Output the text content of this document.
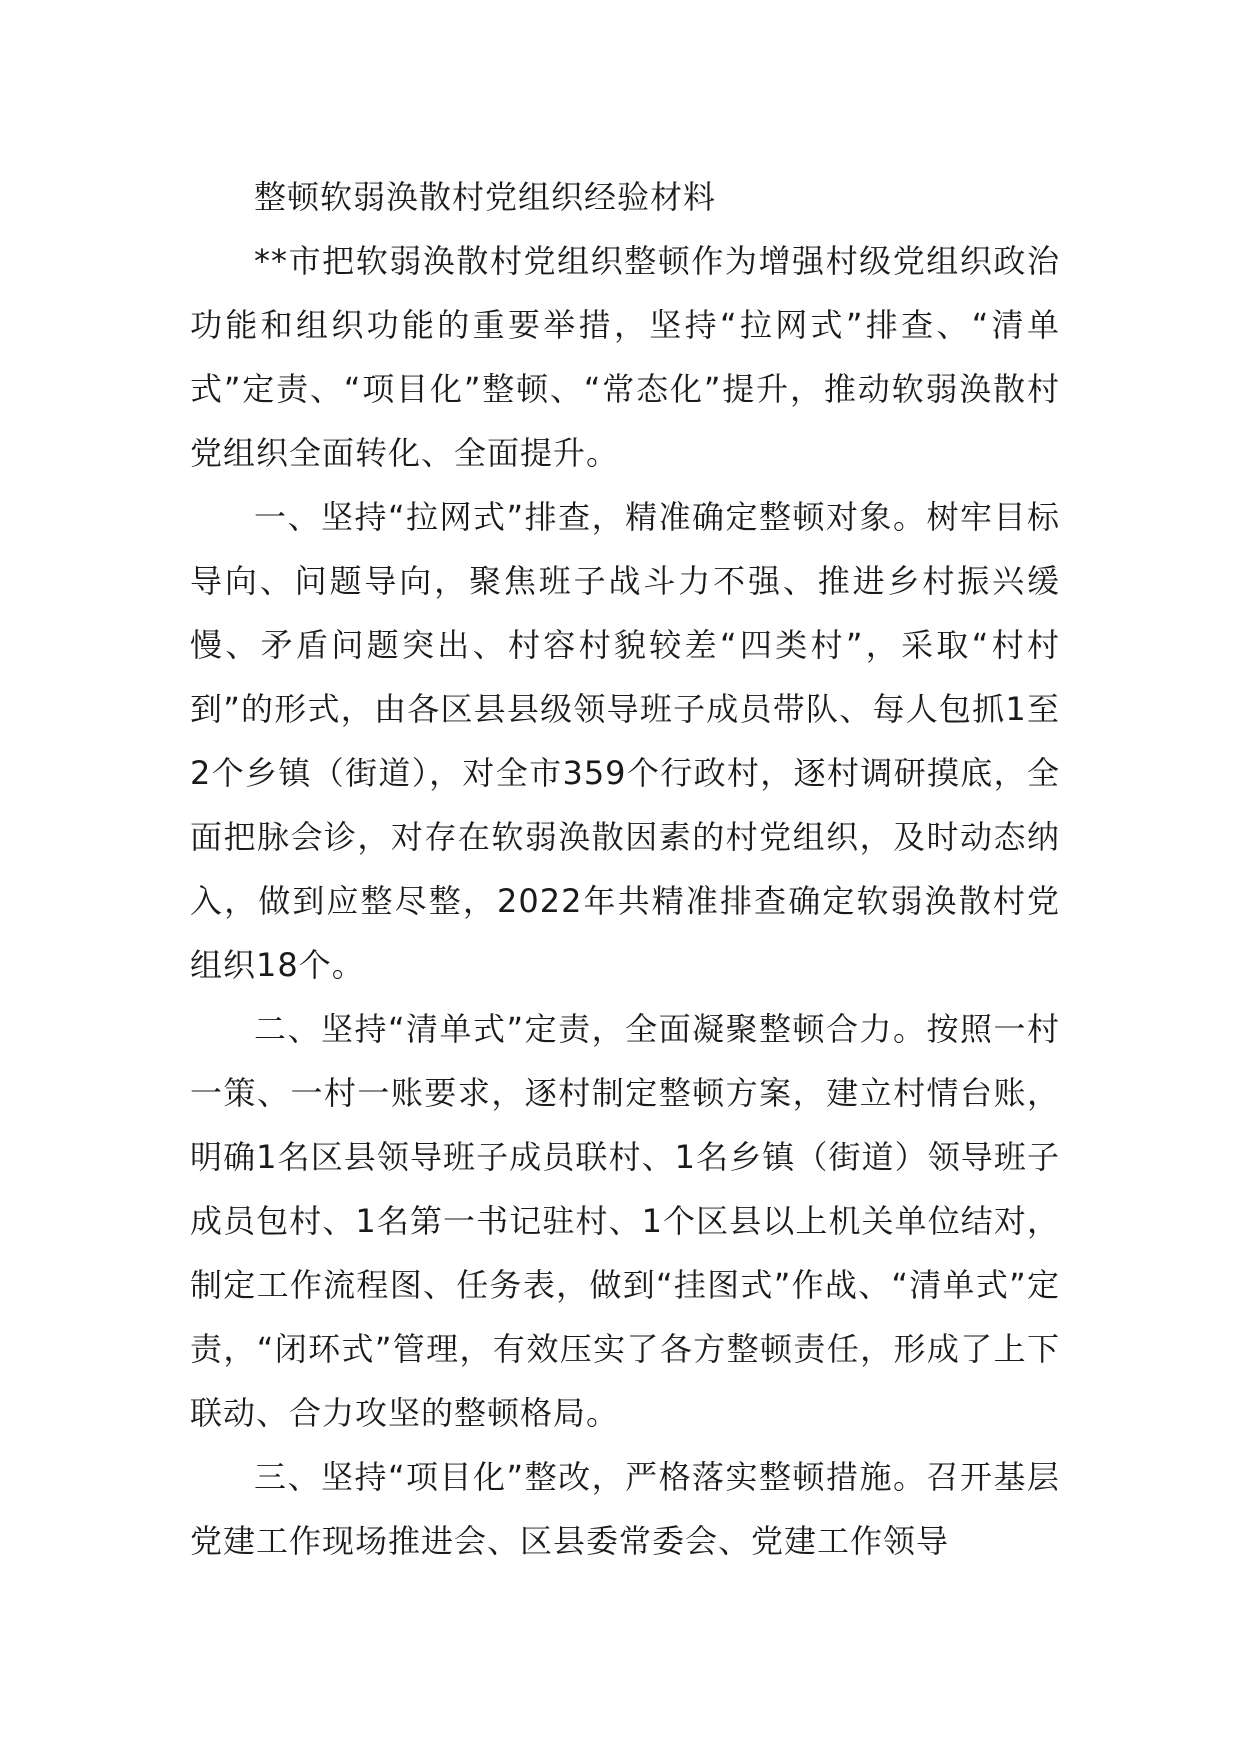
整顿软弱涣散村党组织经验材料

**市把软弱涣散村党组织整顿作为增强村级党组织政治功能和组织功能的重要举措，坚持“拉网式”排查、“清单式”定责、“项目化”整顿、“常态化”提升，推动软弱涣散村党组织全面转化、全面提升。

一、坚持“拉网式”排查，精准确定整顿对象。树牢目标导向、问题导向，聚焦班子战斗力不强、推进乡村振兴缓慢、矛盾问题突出、村容村貌较差“四类村”，采取“村村到”的形式，由各区县县级领导班子成员带队、每人包抓1至2个乡镇（街道），对全市359个行政村，逐村调研摸底，全面把脉会诊，对存在软弱涣散因素的村党组织，及时动态纳入，做到应整尽整，2022年共精准排查确定软弱涣散村党组织18个。

二、坚持“清单式”定责，全面凝聚整顿合力。按照一村一策、一村一账要求，逐村制定整顿方案，建立村情台账，明确1名区县领导班子成员联村、1名乡镇（街道）领导班子成员包村、1名第一书记驻村、1个区县以上机关单位结对，制定工作流程图、任务表，做到“挂图式”作战、“清单式”定责，“闭环式”管理，有效压实了各方整顿责任，形成了上下联动、合力攻坚的整顿格局。

三、坚持“项目化”整改，严格落实整顿措施。召开基层党建工作现场推进会、区县委常委会、党建工作领导
